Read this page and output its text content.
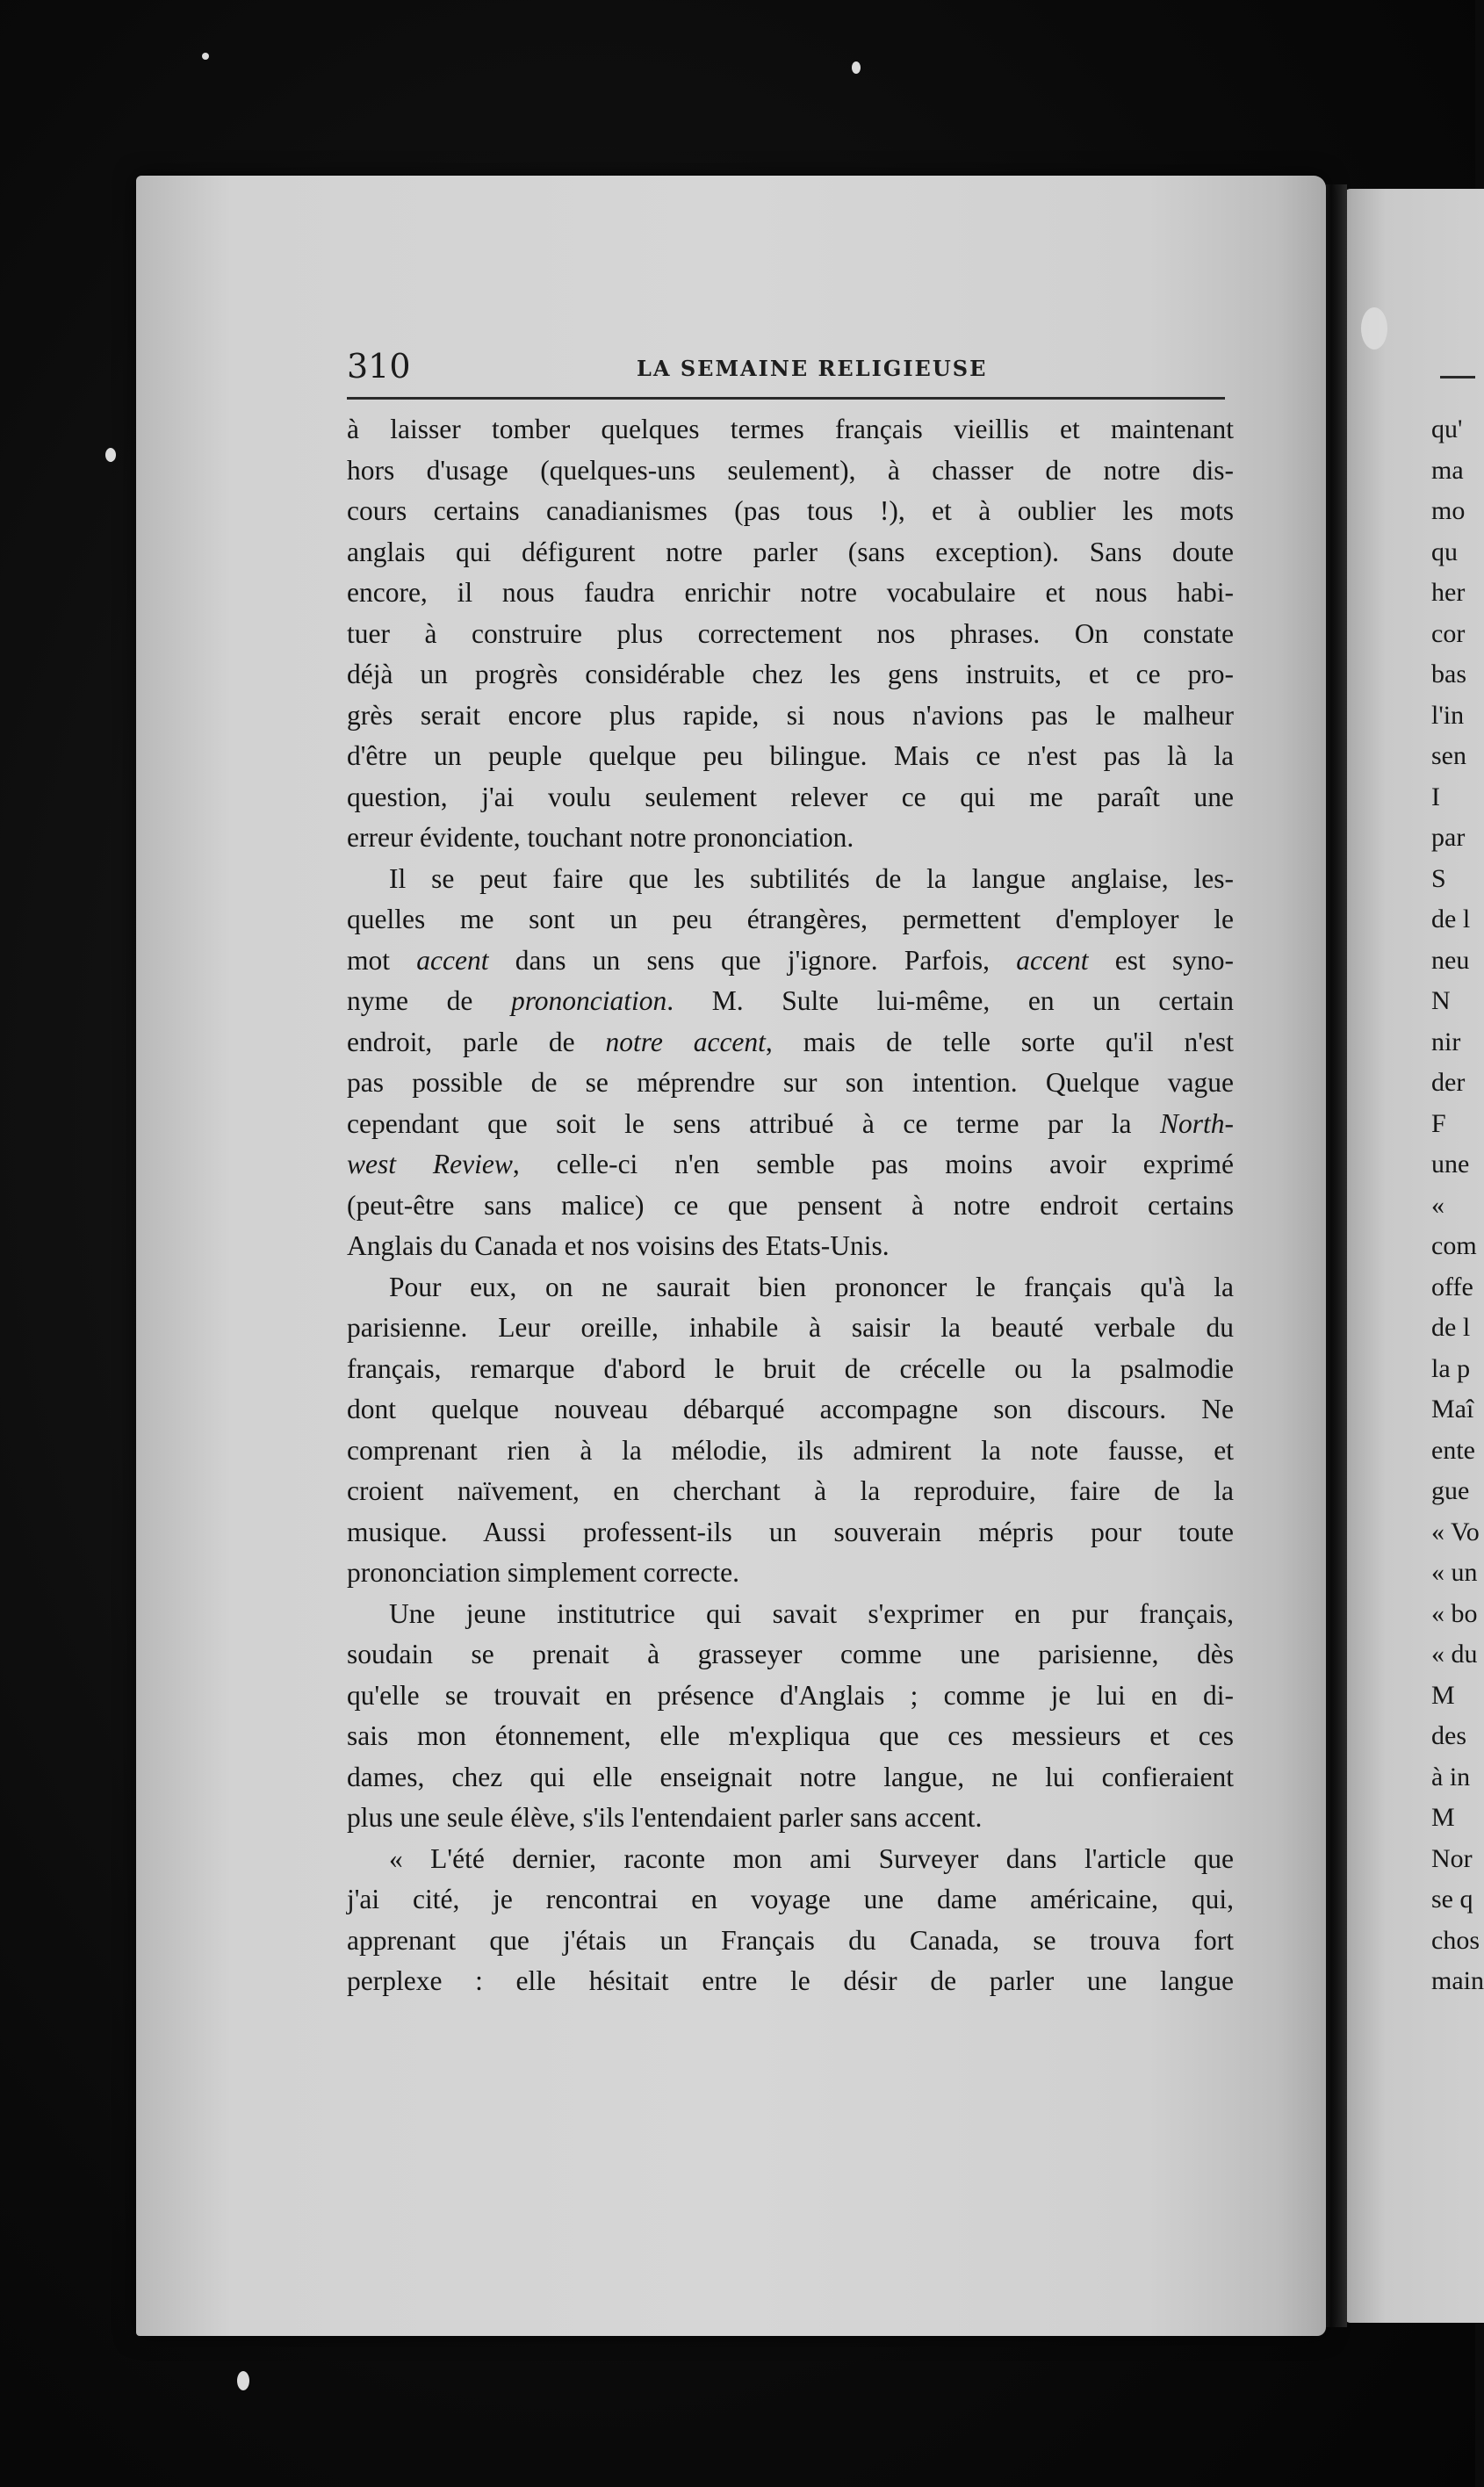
310	LA SEMAINE RELIGIEUSE
à laisser tomber quelques termes français vieillis et maintenant
hors d'usage (quelques-uns seulement), à chasser de notre dis-
cours certains canadianismes (pas tous !), et à oublier les mots
anglais qui défigurent notre parler (sans exception). Sans doute
encore, il nous faudra enrichir notre vocabulaire et nous habi-
tuer à construire plus correctement nos phrases. On constate
déjà un progrès considérable chez les gens instruits, et ce pro-
grès serait encore plus rapide, si nous n'avions pas le malheur
d'être un peuple quelque peu bilingue. Mais ce n'est pas là la
question, j'ai voulu seulement relever ce qui me paraît une
erreur évidente, touchant notre prononciation.
Il se peut faire que les subtilités de la langue anglaise, les-
quelles me sont un peu étrangères, permettent d'employer le
mot accent dans un sens que j'ignore. Parfois, accent est syno-
nyme de prononciation. M. Sulte lui-même, en un certain
endroit, parle de notre accent, mais de telle sorte qu'il n'est
pas possible de se méprendre sur son intention. Quelque vague
cependant que soit le sens attribué à ce terme par la North-
west Review, celle-ci n'en semble pas moins avoir exprimé
(peut-être sans malice) ce que pensent à notre endroit certains
Anglais du Canada et nos voisins des Etats-Unis.
Pour eux, on ne saurait bien prononcer le français qu'à la
parisienne. Leur oreille, inhabile à saisir la beauté verbale du
français, remarque d'abord le bruit de crécelle ou la psalmodie
dont quelque nouveau débarqué accompagne son discours. Ne
comprenant rien à la mélodie, ils admirent la note fausse, et
croient naïvement, en cherchant à la reproduire, faire de la
musique. Aussi professent-ils un souverain mépris pour toute
prononciation simplement correcte.
Une jeune institutrice qui savait s'exprimer en pur français,
soudain se prenait à grasseyer comme une parisienne, dès
qu'elle se trouvait en présence d'Anglais ; comme je lui en di-
sais mon étonnement, elle m'expliqua que ces messieurs et ces
dames, chez qui elle enseignait notre langue, ne lui confieraient
plus une seule élève, s'ils l'entendaient parler sans accent.
« L'été dernier, raconte mon ami Surveyer dans l'article que
j'ai cité, je rencontrai en voyage une dame américaine, qui,
apprenant que j'étais un Français du Canada, se trouva fort
perplexe : elle hésitait entre le désir de parler une langue
qu'
ma
mo
qu
her
cor
bas
l'in
sen
I
par
S
de l
neu
N
nir
der
F
une
«
com
offe
de l
la p
Maî
ente
gue
« Vo
« un
« bo
« du
M
des
à in
M
Nor
se q
chos
main
